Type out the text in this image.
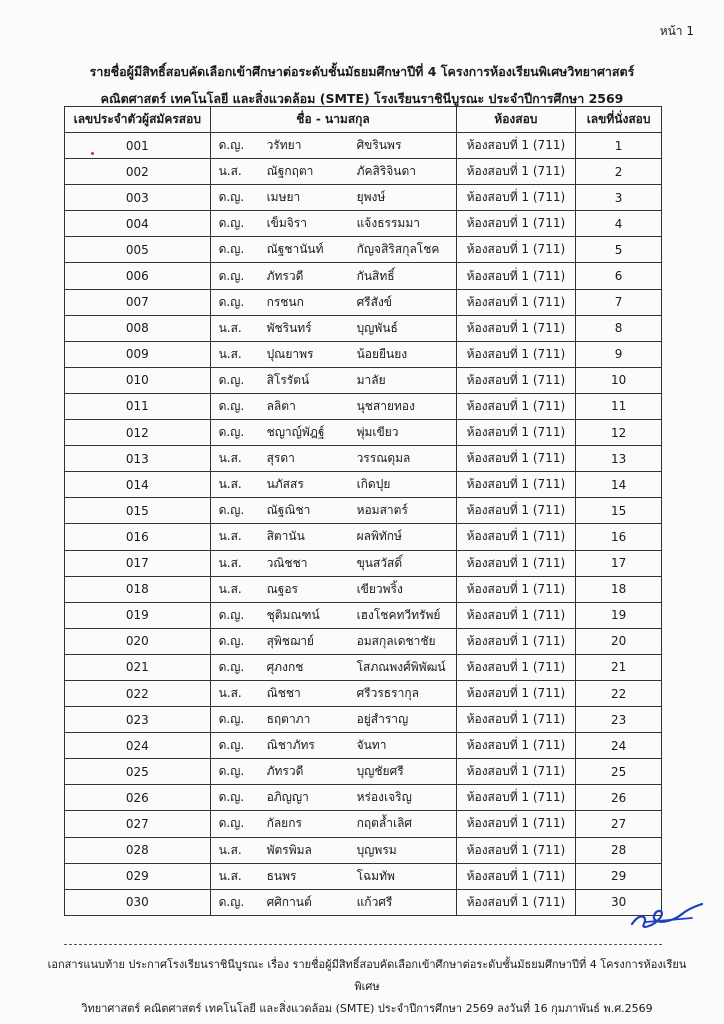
หน้า 1
รายชื่อผู้มีสิทธิ์สอบคัดเลือกเข้าศึกษาต่อระดับชั้นมัธยมศึกษาปีที่ 4 โครงการห้องเรียนพิเศษวิทยาศาสตร์
คณิตศาสตร์ เทคโนโลยี และสิ่งแวดล้อม (SMTE) โรงเรียนราชินีบูรณะ ประจำปีการศึกษา 2569
เลขประจำตัวผู้สมัครสอบ	ชื่อ - นามสกุล	ห้องสอบ	เลขที่นั่งสอบ
001	ด.ญ. วรัทยา ศิขรินพร	ห้องสอบที่ 1 (711)	1
002	น.ส. ณัฐกฤตา ภัคสิริจินดา	ห้องสอบที่ 1 (711)	2
003	ด.ญ. เมษยา ยุพงษ์	ห้องสอบที่ 1 (711)	3
004	ด.ญ. เข็มจิรา แจ้งธรรมมา	ห้องสอบที่ 1 (711)	4
005	ด.ญ. ณัฐชานันท์ กัญจสิริสกุลโชค	ห้องสอบที่ 1 (711)	5
006	ด.ญ. ภัทรวดี กันสิทธิ์	ห้องสอบที่ 1 (711)	6
007	ด.ญ. กรชนก ศรีสังข์	ห้องสอบที่ 1 (711)	7
008	น.ส. พัชรินทร์ บุญพันธ์	ห้องสอบที่ 1 (711)	8
009	น.ส. ปุณยาพร น้อยยืนยง	ห้องสอบที่ 1 (711)	9
010	ด.ญ. สิโรรัตน์ มาลัย	ห้องสอบที่ 1 (711)	10
011	ด.ญ. ลลิตา นุชสายทอง	ห้องสอบที่ 1 (711)	11
012	ด.ญ. ชญาญ์พัฎฐ์ พุ่มเขียว	ห้องสอบที่ 1 (711)	12
013	น.ส. สุรดา วรรณดุมล	ห้องสอบที่ 1 (711)	13
014	น.ส. นภัสสร เกิดปุย	ห้องสอบที่ 1 (711)	14
015	ด.ญ. ณัฐณิชา หอมสาตร์	ห้องสอบที่ 1 (711)	15
016	น.ส. สิตานัน ผลพิทักษ์	ห้องสอบที่ 1 (711)	16
017	น.ส. วณิชชา ขุนสวัสดิ์	ห้องสอบที่ 1 (711)	17
018	น.ส. ณฐอร เขียวพริ้ง	ห้องสอบที่ 1 (711)	18
019	ด.ญ. ชุติมณฑน์ เฮงโชคทวีทรัพย์	ห้องสอบที่ 1 (711)	19
020	ด.ญ. สุพิชฌาย์ อมสกุลเดชาชัย	ห้องสอบที่ 1 (711)	20
021	ด.ญ. ศุภงกช โสภณพงศ์พิพัฒน์	ห้องสอบที่ 1 (711)	21
022	น.ส. ณิชชา ศรีวรธรากุล	ห้องสอบที่ 1 (711)	22
023	ด.ญ. ธฤตาภา อยู่สำราญ	ห้องสอบที่ 1 (711)	23
024	ด.ญ. ณิชาภัทร จันทา	ห้องสอบที่ 1 (711)	24
025	ด.ญ. ภัทรวดี บุญชัยศรี	ห้องสอบที่ 1 (711)	25
026	ด.ญ. อภิญญา หร่องเจริญ	ห้องสอบที่ 1 (711)	26
027	ด.ญ. กัลยกร กฤตล้ำเลิศ	ห้องสอบที่ 1 (711)	27
028	น.ส. พัตรพิมล บุญพรม	ห้องสอบที่ 1 (711)	28
029	น.ส. ธนพร โฉมทัพ	ห้องสอบที่ 1 (711)	29
030	ด.ญ. ศศิกานต์ แก้วศรี	ห้องสอบที่ 1 (711)	30
เอกสารแนบท้าย ประกาศโรงเรียนราชินีบูรณะ เรื่อง รายชื่อผู้มีสิทธิ์สอบคัดเลือกเข้าศึกษาต่อระดับชั้นมัธยมศึกษาปีที่ 4 โครงการห้องเรียนพิเศษ
วิทยาศาสตร์ คณิตศาสตร์ เทคโนโลยี และสิ่งแวดล้อม (SMTE) ประจำปีการศึกษา 2569 ลงวันที่ 16 กุมภาพันธ์ พ.ศ.2569
